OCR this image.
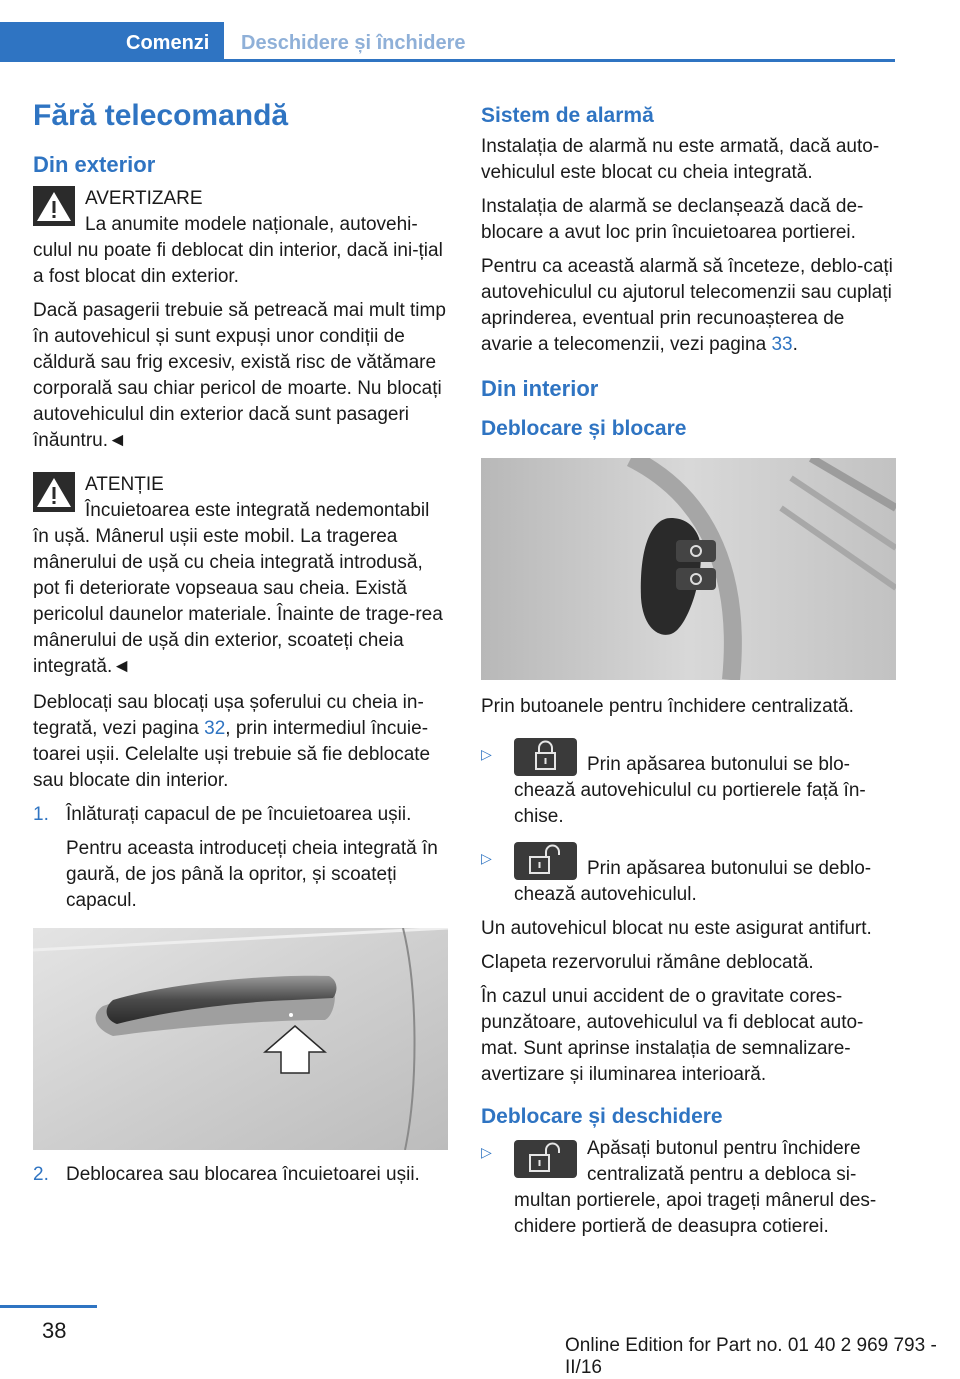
Comenzi Deschidere și închidere
Fără telecomandă
Din exterior
AVERTIZARE
La anumite modele naționale, autovehi-

culul nu poate fi deblocat din interior, dacă ini-țial a fost blocat din exterior.

Dacă pasagerii trebuie să petreacă mai mult timp în autovehicul și sunt expuși unor condiții de căldură sau frig excesiv, există risc de vătămare corporală sau chiar pericol de moarte. Nu blocați autovehiculul din exterior dacă sunt pasageri înăuntru.◄

ATENȚIE
Încuietoarea este integrată nedemontabil

în ușă. Mânerul ușii este mobil. La tragerea mânerului de ușă cu cheia integrată introdusă, pot fi deteriorate vopseaua sau cheia. Există pericolul daunelor materiale. Înainte de trage-rea mânerului de ușă din exterior, scoateți cheia integrată.◄

Deblocați sau blocați ușa șoferului cu cheia in-tegrată, vezi pagina 32, prin intermediul încuie-toarei ușii. Celelalte uși trebuie să fie deblocate sau blocate din interior.

1. Înlăturați capacul de pe încuietoarea ușii.

Pentru aceasta introduceți cheia integrată în gaură, de jos până la opritor, și scoateți capacul.

2. Deblocarea sau blocarea încuietoarei ușii.

Sistem de alarmă

Instalația de alarmă nu este armată, dacă auto-vehiculul este blocat cu cheia integrată.

Instalația de alarmă se declanșează dacă de-blocare a avut loc prin încuietoarea portierei.

Pentru ca această alarmă să înceteze, deblo-cați autovehiculul cu ajutorul telecomenzii sau cuplați aprinderea, eventual prin recunoașterea de avarie a telecomenzii, vezi pagina 33.

Din interior
Deblocare și blocare

Prin butoanele pentru închidere centralizată.

▷	Prin apăsarea butonului se blo-chează autovehiculul cu portierele față în-chise.
▷	Prin apăsarea butonului se deblo-chează autovehiculul.

Un autovehicul blocat nu este asigurat antifurt.

Clapeta rezervorului rămâne deblocată.

În cazul unui accident de o gravitate cores-punzătoare, autovehiculul va fi deblocat auto-mat. Sunt aprinse instalația de semnalizare-avertizare și iluminarea interioară.

Deblocare și deschidere
▷	Apăsați butonul pentru închidere centralizată pentru a debloca si-multan portierele, apoi trageți mânerul des-chidere portieră de deasupra cotierei.
38
Online Edition for Part no. 01 40 2 969 793 - II/16
